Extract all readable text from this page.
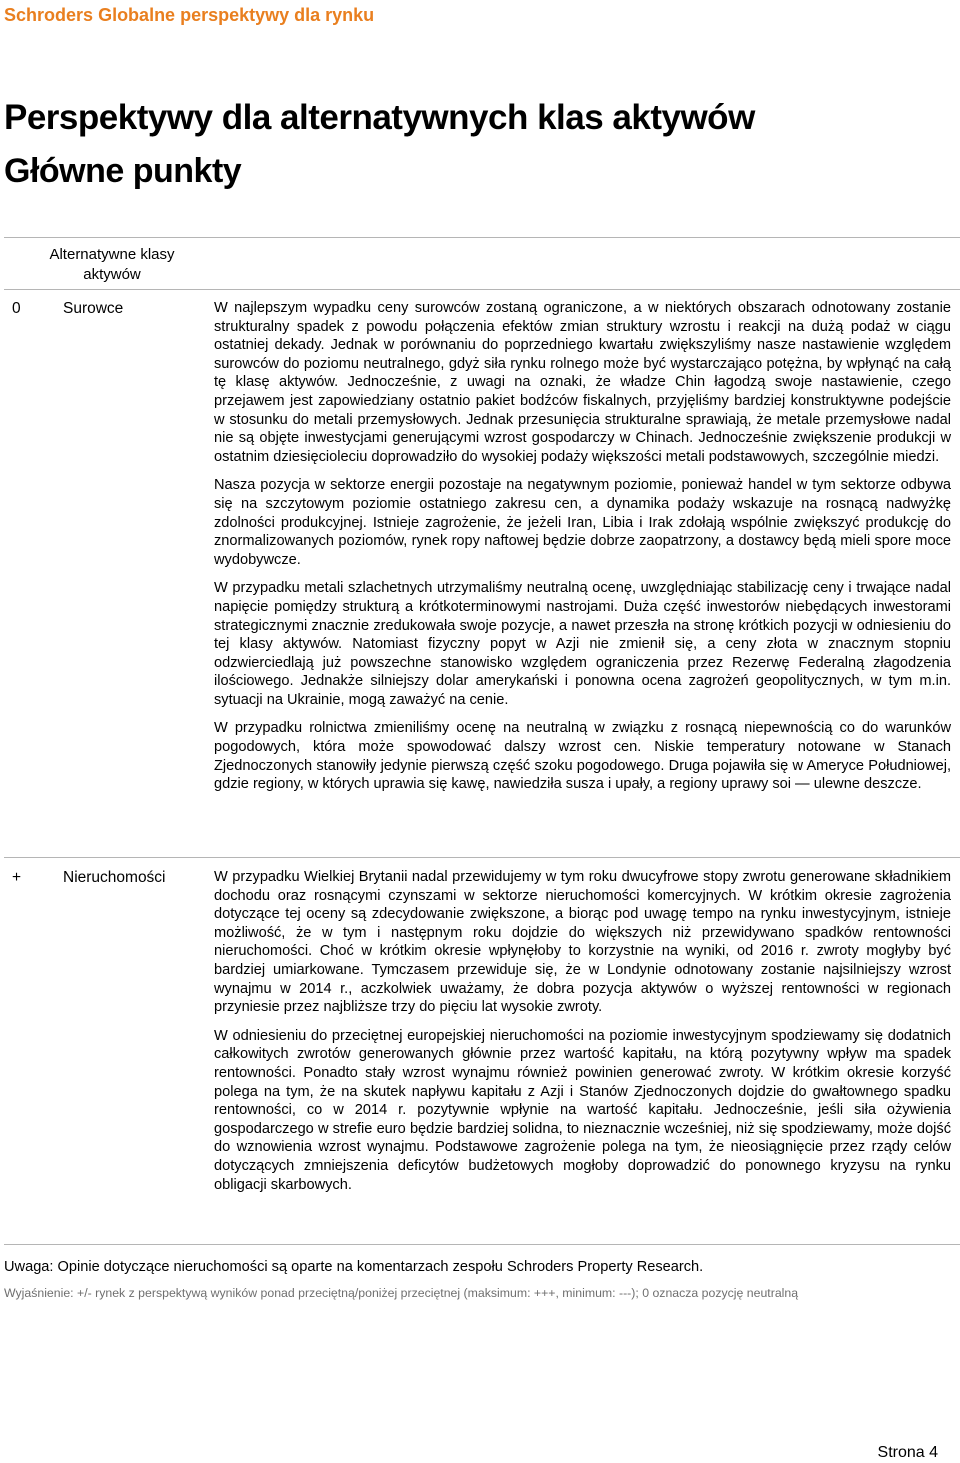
Schroders Globalne perspektywy dla rynku
Perspektywy dla alternatywnych klas aktywów
Główne punkty
Alternatywne klasy aktywów
0	Surowce	W najlepszym wypadku ceny surowców zostaną ograniczone, a w niektórych obszarach odnotowany zostanie strukturalny spadek z powodu połączenia efektów zmian struktury wzrostu i reakcji na dużą podaż w ciągu ostatniej dekady. Jednak w porównaniu do poprzedniego kwartału zwiększyliśmy nasze nastawienie względem surowców do poziomu neutralnego, gdyż siła rynku rolnego może być wystarczająco potężna, by wpłynąć na całą tę klasę aktywów. Jednocześnie, z uwagi na oznaki, że władze Chin łagodzą swoje nastawienie, czego przejawem jest zapowiedziany ostatnio pakiet bodźców fiskalnych, przyjęliśmy bardziej konstruktywne podejście w stosunku do metali przemysłowych. Jednak przesunięcia strukturalne sprawiają, że metale przemysłowe nadal nie są objęte inwestycjami generującymi wzrost gospodarczy w Chinach. Jednocześnie zwiększenie produkcji w ostatnim dziesięcioleciu doprowadziło do wysokiej podaży większości metali podstawowych, szczególnie miedzi.

Nasza pozycja w sektorze energii pozostaje na negatywnym poziomie, ponieważ handel w tym sektorze odbywa się na szczytowym poziomie ostatniego zakresu cen, a dynamika podaży wskazuje na rosnącą nadwyżkę zdolności produkcyjnej. Istnieje zagrożenie, że jeżeli Iran, Libia i Irak zdołają wspólnie zwiększyć produkcję do znormalizowanych poziomów, rynek ropy naftowej będzie dobrze zaopatrzony, a dostawcy będą mieli spore moce wydobywcze.

W przypadku metali szlachetnych utrzymaliśmy neutralną ocenę, uwzględniając stabilizację ceny i trwające nadal napięcie pomiędzy strukturą a krótkoterminowymi nastrojami. Duża część inwestorów niebędących inwestorami strategicznymi znacznie zredukowała swoje pozycje, a nawet przeszła na stronę krótkich pozycji w odniesieniu do tej klasy aktywów. Natomiast fizyczny popyt w Azji nie zmienił się, a ceny złota w znacznym stopniu odzwierciedlają już powszechne stanowisko względem ograniczenia przez Rezerwę Federalną złagodzenia ilościowego. Jednakże silniejszy dolar amerykański i ponowna ocena zagrożeń geopolitycznych, w tym m.in. sytuacji na Ukrainie, mogą zaważyć na cenie.

W przypadku rolnictwa zmieniliśmy ocenę na neutralną w związku z rosnącą niepewnością co do warunków pogodowych, która może spowodować dalszy wzrost cen. Niskie temperatury notowane w Stanach Zjednoczonych stanowiły jedynie pierwszą część szoku pogodowego. Druga pojawiła się w Ameryce Południowej, gdzie regiony, w których uprawia się kawę, nawiedziła susza i upały, a regiony uprawy soi — ulewne deszcze.

+	Nieruchomości	W przypadku Wielkiej Brytanii nadal przewidujemy w tym roku dwucyfrowe stopy zwrotu generowane składnikiem dochodu oraz rosnącymi czynszami w sektorze nieruchomości komercyjnych. W krótkim okresie zagrożenia dotyczące tej oceny są zdecydowanie zwiększone, a biorąc pod uwagę tempo na rynku inwestycyjnym, istnieje możliwość, że w tym i następnym roku dojdzie do większych niż przewidywano spadków rentowności nieruchomości. Choć w krótkim okresie wpłynęłoby to korzystnie na wyniki, od 2016 r. zwroty mogłyby być bardziej umiarkowane. Tymczasem przewiduje się, że w Londynie odnotowany zostanie najsilniejszy wzrost wynajmu w 2014 r., aczkolwiek uważamy, że dobra pozycja aktywów o wyższej rentowności w regionach przyniesie przez najbliższe trzy do pięciu lat wysokie zwroty.

W odniesieniu do przeciętnej europejskiej nieruchomości na poziomie inwestycyjnym spodziewamy się dodatnich całkowitych zwrotów generowanych głównie przez wartość kapitału, na którą pozytywny wpływ ma spadek rentowności. Ponadto stały wzrost wynajmu również powinien generować zwroty. W krótkim okresie korzyść polega na tym, że na skutek napływu kapitału z Azji i Stanów Zjednoczonych dojdzie do gwałtownego spadku rentowności, co w 2014 r. pozytywnie wpłynie na wartość kapitału. Jednocześnie, jeśli siła ożywienia gospodarczego w strefie euro będzie bardziej solidna, to nieznacznie wcześniej, niż się spodziewamy, może dojść do wznowienia wzrost wynajmu. Podstawowe zagrożenie polega na tym, że nieosiągnięcie przez rządy celów dotyczących zmniejszenia deficytów budżetowych mogłoby doprowadzić do ponownego kryzysu na rynku obligacji skarbowych.

Uwaga: Opinie dotyczące nieruchomości są oparte na komentarzach zespołu Schroders Property Research.
Wyjaśnienie: +/- rynek z perspektywą wyników ponad przeciętną/poniżej przeciętnej (maksimum: +++, minimum: ---); 0 oznacza pozycję neutralną
Strona 4
